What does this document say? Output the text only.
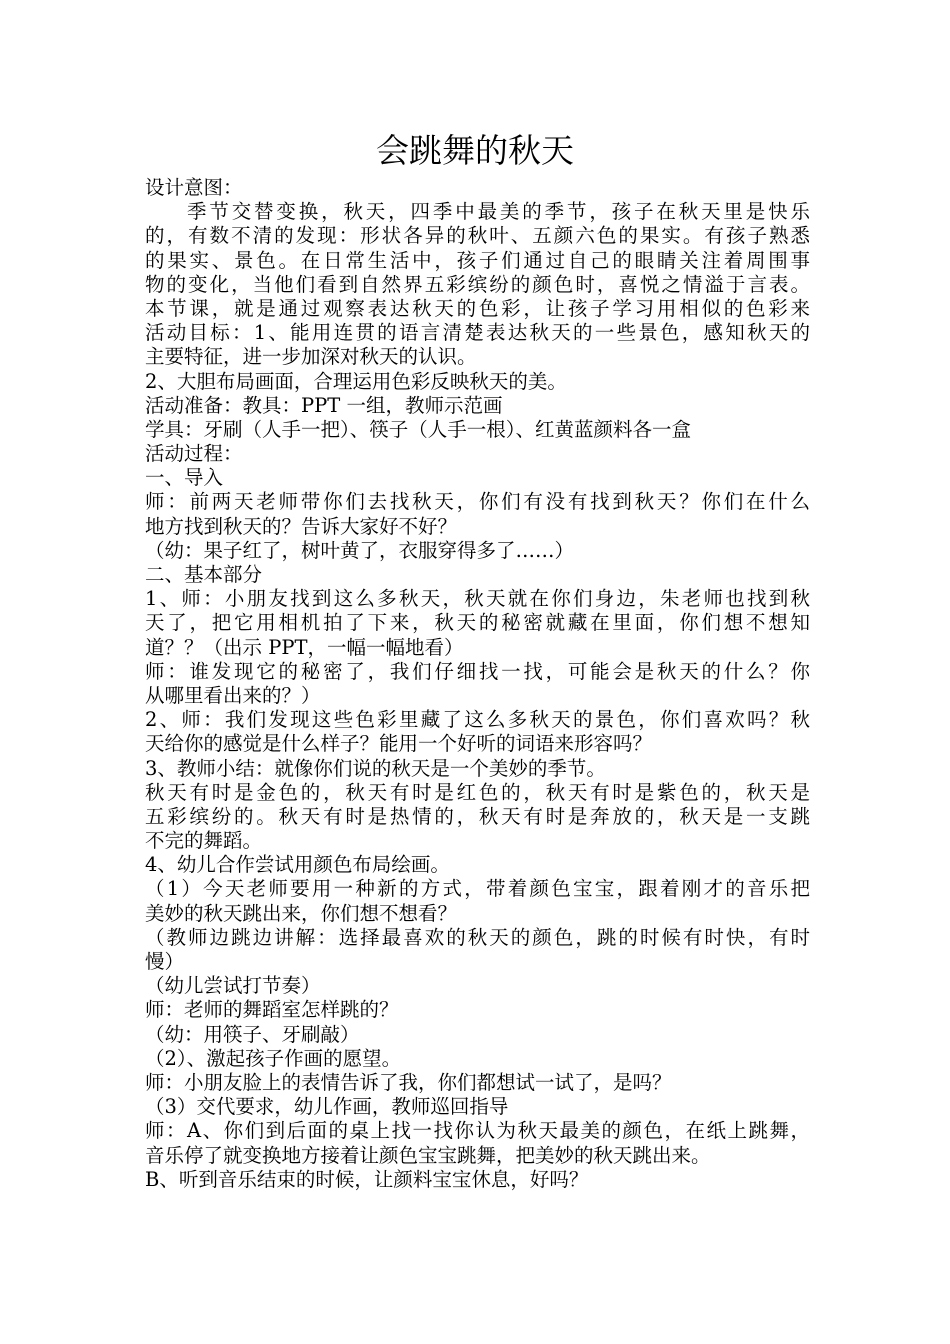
会跳舞的秋天
设计意图：
季节交替变换，秋天，四季中最美的季节，孩子在秋天里是快乐
的，有数不清的发现：形状各异的秋叶、五颜六色的果实。有孩子熟悉
的果实、景色。在日常生活中，孩子们通过自己的眼睛关注着周围事
物的变化，当他们看到自然界五彩缤纷的颜色时，喜悦之情溢于言表。
本节课，就是通过观察表达秋天的色彩，让孩子学习用相似的色彩来
活动目标：1、能用连贯的语言清楚表达秋天的一些景色，感知秋天的
主要特征，进一步加深对秋天的认识。
2、大胆布局画面，合理运用色彩反映秋天的美。
活动准备：教具：PPT 一组，教师示范画
学具：牙刷（人手一把）、筷子（人手一根）、红黄蓝颜料各一盒
活动过程：
一、导入
师：前两天老师带你们去找秋天，你们有没有找到秋天？你们在什么
地方找到秋天的？告诉大家好不好？
（幼：果子红了，树叶黄了，衣服穿得多了……）
二、基本部分
1、师：小朋友找到这么多秋天，秋天就在你们身边，朱老师也找到秋
天了，把它用相机拍了下来，秋天的秘密就藏在里面，你们想不想知
道？？（出示 PPT，一幅一幅地看）
师：谁发现它的秘密了，我们仔细找一找，可能会是秋天的什么？你
从哪里看出来的？）
2、师：我们发现这些色彩里藏了这么多秋天的景色，你们喜欢吗？秋
天给你的感觉是什么样子？能用一个好听的词语来形容吗？
3、教师小结：就像你们说的秋天是一个美妙的季节。
秋天有时是金色的，秋天有时是红色的，秋天有时是紫色的，秋天是
五彩缤纷的。秋天有时是热情的，秋天有时是奔放的，秋天是一支跳
不完的舞蹈。
4、幼儿合作尝试用颜色布局绘画。
（1）今天老师要用一种新的方式，带着颜色宝宝，跟着刚才的音乐把
美妙的秋天跳出来，你们想不想看？
（教师边跳边讲解：选择最喜欢的秋天的颜色，跳的时候有时快，有时
慢）
（幼儿尝试打节奏）
师：老师的舞蹈室怎样跳的？
（幼：用筷子、牙刷敲）
（2）、激起孩子作画的愿望。
师：小朋友脸上的表情告诉了我，你们都想试一试了，是吗？
（3）交代要求，幼儿作画，教师巡回指导
师：A、你们到后面的桌上找一找你认为秋天最美的颜色，在纸上跳舞，
音乐停了就变换地方接着让颜色宝宝跳舞，把美妙的秋天跳出来。
B、听到音乐结束的时候，让颜料宝宝休息，好吗？
